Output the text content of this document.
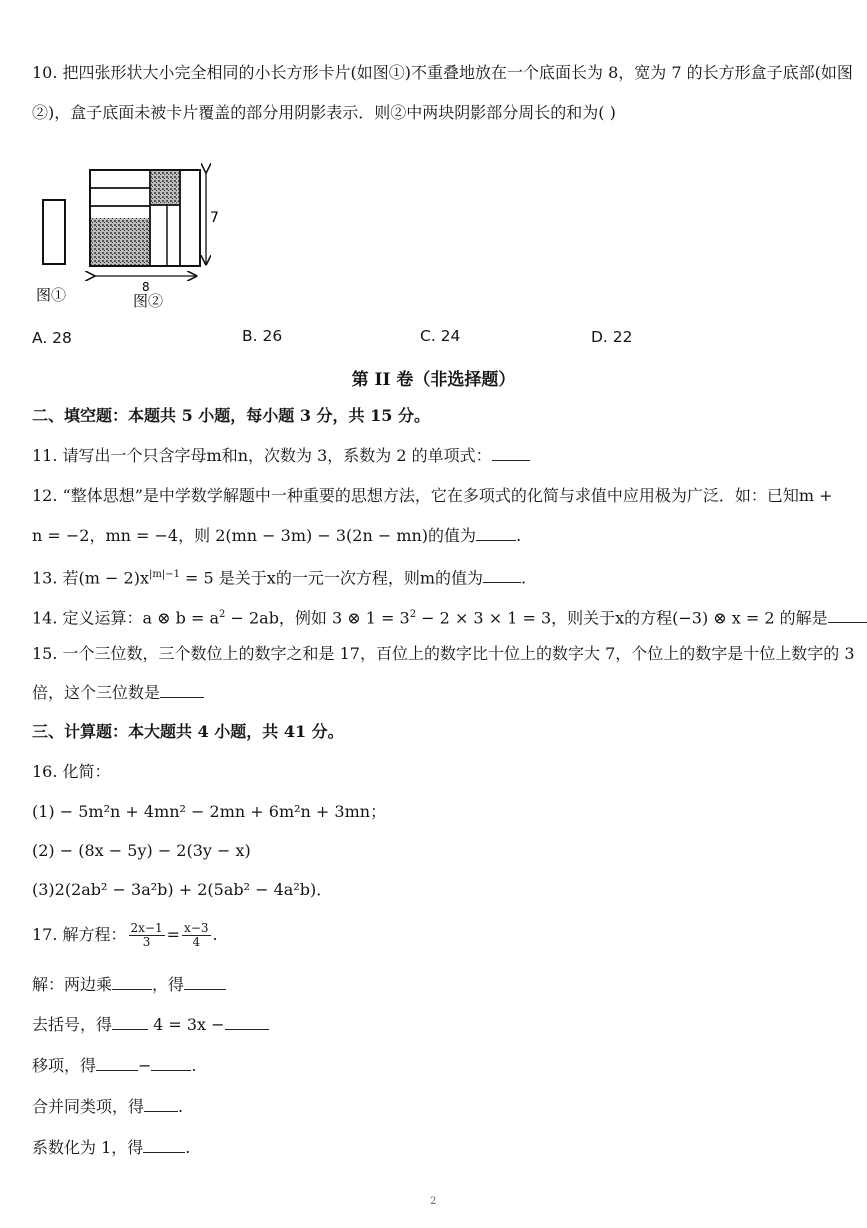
10. 把四张形状大小完全相同的小长方形卡片(如图①)不重叠地放在一个底面长为 8，宽为 7 的长方形盒子底部(如图
②)，盒子底面未被卡片覆盖的部分用阴影表示．则②中两块阴影部分周长的和为( )
7
8
图①	图②
A. 28	B. 26	C. 24	D. 22
第 II 卷（非选择题）
二、填空题：本题共 5 小题，每小题 3 分，共 15 分。
11. 请写出一个只含字母m和n，次数为 3，系数为 2 的单项式：
12. “整体思想”是中学数学解题中一种重要的思想方法，它在多项式的化简与求值中应用极为广泛．如：已知m +
n = −2，mn = −4，则 2(mn − 3m) − 3(2n − mn)的值为	.
13. 若$(m - 2)x^{|m|-1} = 5$ 是关于x的一元一次方程，则m的值为 .
14. 定义运算：a ⊗ $b = a^2 - 2ab$，例如 3 ⊗ $1 = 3^2 - 2 \times 3 \times 1 = 3$，则关于x的方程(−3) ⊗ x = 2 的解是
15. 一个三位数，三个数位上的数字之和是 17，百位上的数字比十位上的数字大 7，个位上的数字是十位上数字的 3
倍，这个三位数是
三、计算题：本大题共 4 小题，共 41 分。
16. 化简：
(1) − 5m²n + 4mn² − 2mn + 6m²n + 3mn；
(2) − (8x − 5y) − 2(3y − x)
(3)2(2ab² − 3a²b) + 2(5ab² − 4a²b)．
17. 解方程： $\frac{2x-1}{3} = \frac{x-3}{4}$ .
解：两边乘	，得
去括号，得	4 = 3x −
移项，得	−	.
合并同类项，得 .
系数化为 1，得	.
2
